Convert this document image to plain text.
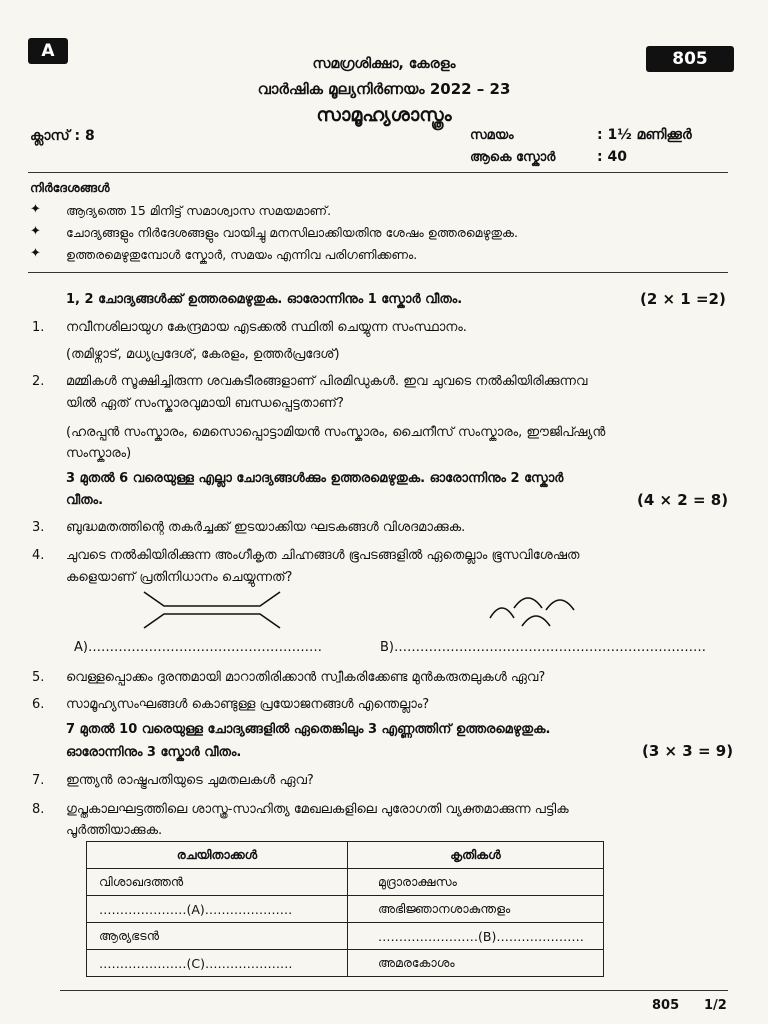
A	805
സമഗ്രശിക്ഷാ, കേരളം
വാർഷിക മൂല്യനിർണയം 2022 – 23
സാമൂഹ്യശാസ്ത്രം
ക്ലാസ് : 8	സമയം	: 1½ മണിക്കൂർ
ആകെ സ്കോർ	: 40
നിർദേശങ്ങൾ
✦ ആദ്യത്തെ 15 മിനിട്ട് സമാശ്വാസ സമയമാണ്.
✦ ചോദ്യങ്ങളും നിർദേശങ്ങളും വായിച്ചു മനസിലാക്കിയതിനു ശേഷം ഉത്തരമെഴുതുക.
✦ ഉത്തരമെഴുതുമ്പോൾ സ്കോർ, സമയം എന്നിവ പരിഗണിക്കണം.
1, 2 ചോദ്യങ്ങൾക്ക് ഉത്തരമെഴുതുക. ഓരോന്നിനും 1 സ്കോർ വീതം.	(2 × 1 =2)
1. നവീനശിലായുഗ കേന്ദ്രമായ എടക്കൽ സ്ഥിതി ചെയ്യുന്ന സംസ്ഥാനം.
(തമിഴ്നാട്, മധ്യപ്രദേശ്, കേരളം, ഉത്തർപ്രദേശ്)
2. മമ്മികൾ സൂക്ഷിച്ചിരുന്ന ശവകുടീരങ്ങളാണ് പിരമിഡുകൾ. ഇവ ചുവടെ നൽകിയിരിക്കുന്നവ
യിൽ ഏത് സംസ്കാരവുമായി ബന്ധപ്പെട്ടതാണ്?
(ഹരപ്പൻ സംസ്കാരം, മെസൊപ്പൊട്ടാമിയൻ സംസ്കാരം, ചൈനീസ് സംസ്കാരം, ഈജിപ്ഷ്യൻ
സംസ്കാരം)
3 മുതൽ 6 വരെയുള്ള എല്ലാ ചോദ്യങ്ങൾക്കും ഉത്തരമെഴുതുക. ഓരോന്നിനും 2 സ്കോർ
വീതം.	(4 × 2 = 8)
3. ബുദ്ധമതത്തിന്റെ തകർച്ചക്ക് ഇടയാക്കിയ ഘടകങ്ങൾ വിശദമാക്കുക.
4. ചുവടെ നൽകിയിരിക്കുന്ന അംഗീകൃത ചിഹ്നങ്ങൾ ഭൂപടങ്ങളിൽ ഏതെല്ലാം ഭൂസവിശേഷത
കളെയാണ് പ്രതിനിധാനം ചെയ്യുന്നത്?
A)………………………………………………	B)………………………………………………………………
5. വെള്ളപ്പൊക്കം ദുരന്തമായി മാറാതിരിക്കാൻ സ്വീകരിക്കേണ്ട മുൻകരുതലുകൾ ഏവ?
6. സാമൂഹ്യസംഘങ്ങൾ കൊണ്ടുള്ള പ്രയോജനങ്ങൾ എന്തെല്ലാം?
7 മുതൽ 10 വരെയുള്ള ചോദ്യങ്ങളിൽ ഏതെങ്കിലും 3 എണ്ണത്തിന് ഉത്തരമെഴുതുക.
ഓരോന്നിനും 3 സ്കോർ വീതം.	(3 × 3 = 9)
7. ഇന്ത്യൻ രാഷ്ട്രപതിയുടെ ചുമതലകൾ ഏവ?
8. ഗുപ്തകാലഘട്ടത്തിലെ ശാസ്ത്ര-സാഹിത്യ മേഖലകളിലെ പുരോഗതി വ്യക്തമാക്കുന്ന പട്ടിക
പൂർത്തിയാക്കുക.
രചയിതാക്കൾ	കൃതികൾ
വിശാഖദത്തൻ	മുദ്രാരാക്ഷസം
…………………(A)…………………	അഭിജ്ഞാനശാകുന്തളം
ആര്യഭടൻ	……………………(B)…………………
…………………(C)…………………	അമരകോശം
805 1/2
